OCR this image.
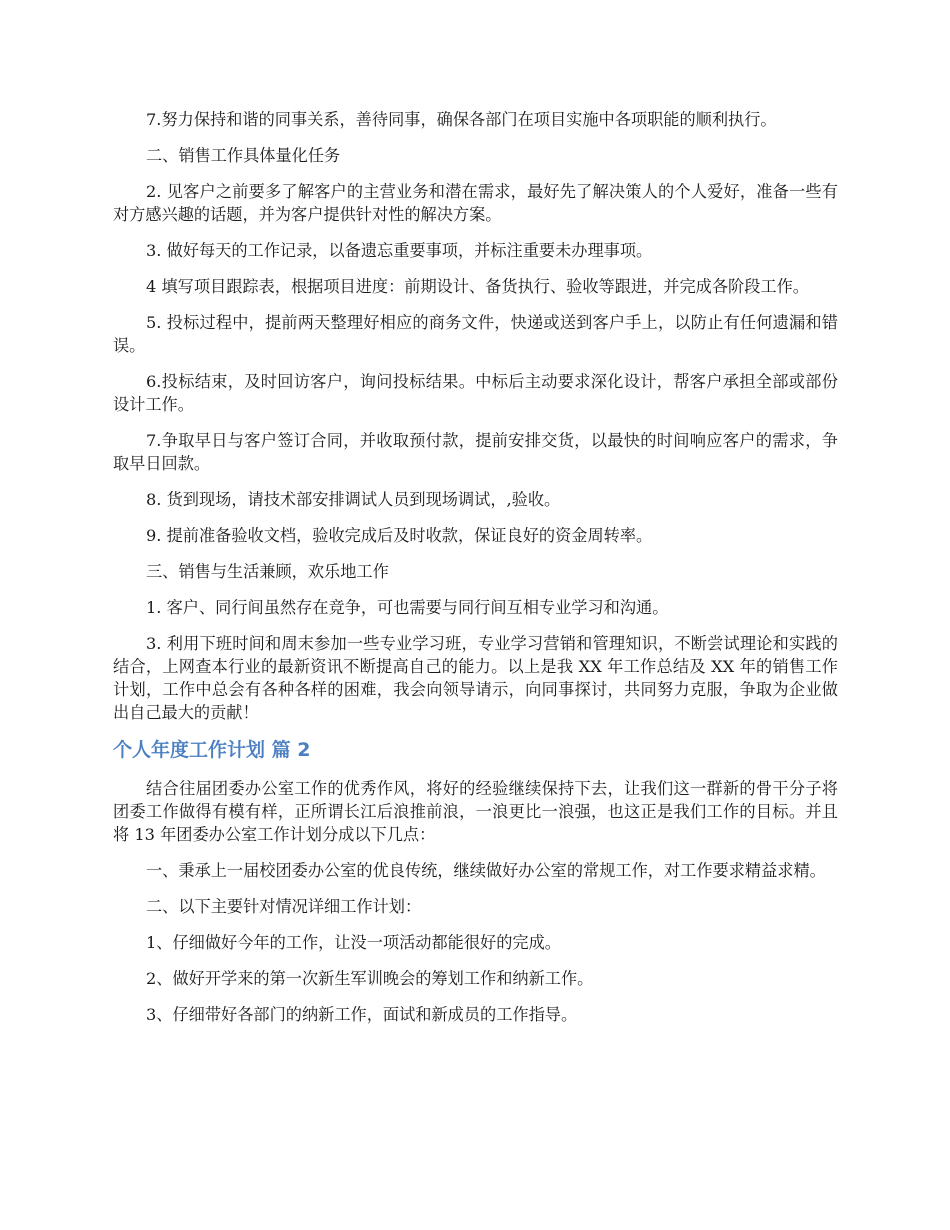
7.努力保持和谐的同事关系，善待同事，确保各部门在项目实施中各项职能的顺利执行。

二、销售工作具体量化任务

2. 见客户之前要多了解客户的主营业务和潜在需求，最好先了解决策人的个人爱好，准备一些有对方感兴趣的话题，并为客户提供针对性的解决方案。

3. 做好每天的工作记录，以备遗忘重要事项，并标注重要未办理事项。

4 填写项目跟踪表，根据项目进度：前期设计、备货执行、验收等跟进，并完成各阶段工作。

5. 投标过程中，提前两天整理好相应的商务文件，快递或送到客户手上，以防止有任何遗漏和错误。

6.投标结束，及时回访客户，询问投标结果。中标后主动要求深化设计，帮客户承担全部或部份设计工作。

7.争取早日与客户签订合同，并收取预付款，提前安排交货，以最快的时间响应客户的需求，争取早日回款。

8. 货到现场，请技术部安排调试人员到现场调试，,验收。

9. 提前准备验收文档，验收完成后及时收款，保证良好的资金周转率。

三、销售与生活兼顾，欢乐地工作

1. 客户、同行间虽然存在竞争，可也需要与同行间互相专业学习和沟通。

3. 利用下班时间和周末参加一些专业学习班，专业学习营销和管理知识，不断尝试理论和实践的结合，上网查本行业的最新资讯不断提高自己的能力。以上是我 XX 年工作总结及 XX 年的销售工作计划，工作中总会有各种各样的困难，我会向领导请示，向同事探讨，共同努力克服，争取为企业做出自己最大的贡献！

个人年度工作计划 篇 2

结合往届团委办公室工作的优秀作风，将好的经验继续保持下去，让我们这一群新的骨干分子将团委工作做得有模有样，正所谓长江后浪推前浪，一浪更比一浪强，也这正是我们工作的目标。并且将 13 年团委办公室工作计划分成以下几点：

一、秉承上一届校团委办公室的优良传统，继续做好办公室的常规工作，对工作要求精益求精。

二、以下主要针对情况详细工作计划：

1、仔细做好今年的工作，让没一项活动都能很好的完成。

2、做好开学来的第一次新生军训晚会的筹划工作和纳新工作。

3、仔细带好各部门的纳新工作，面试和新成员的工作指导。
